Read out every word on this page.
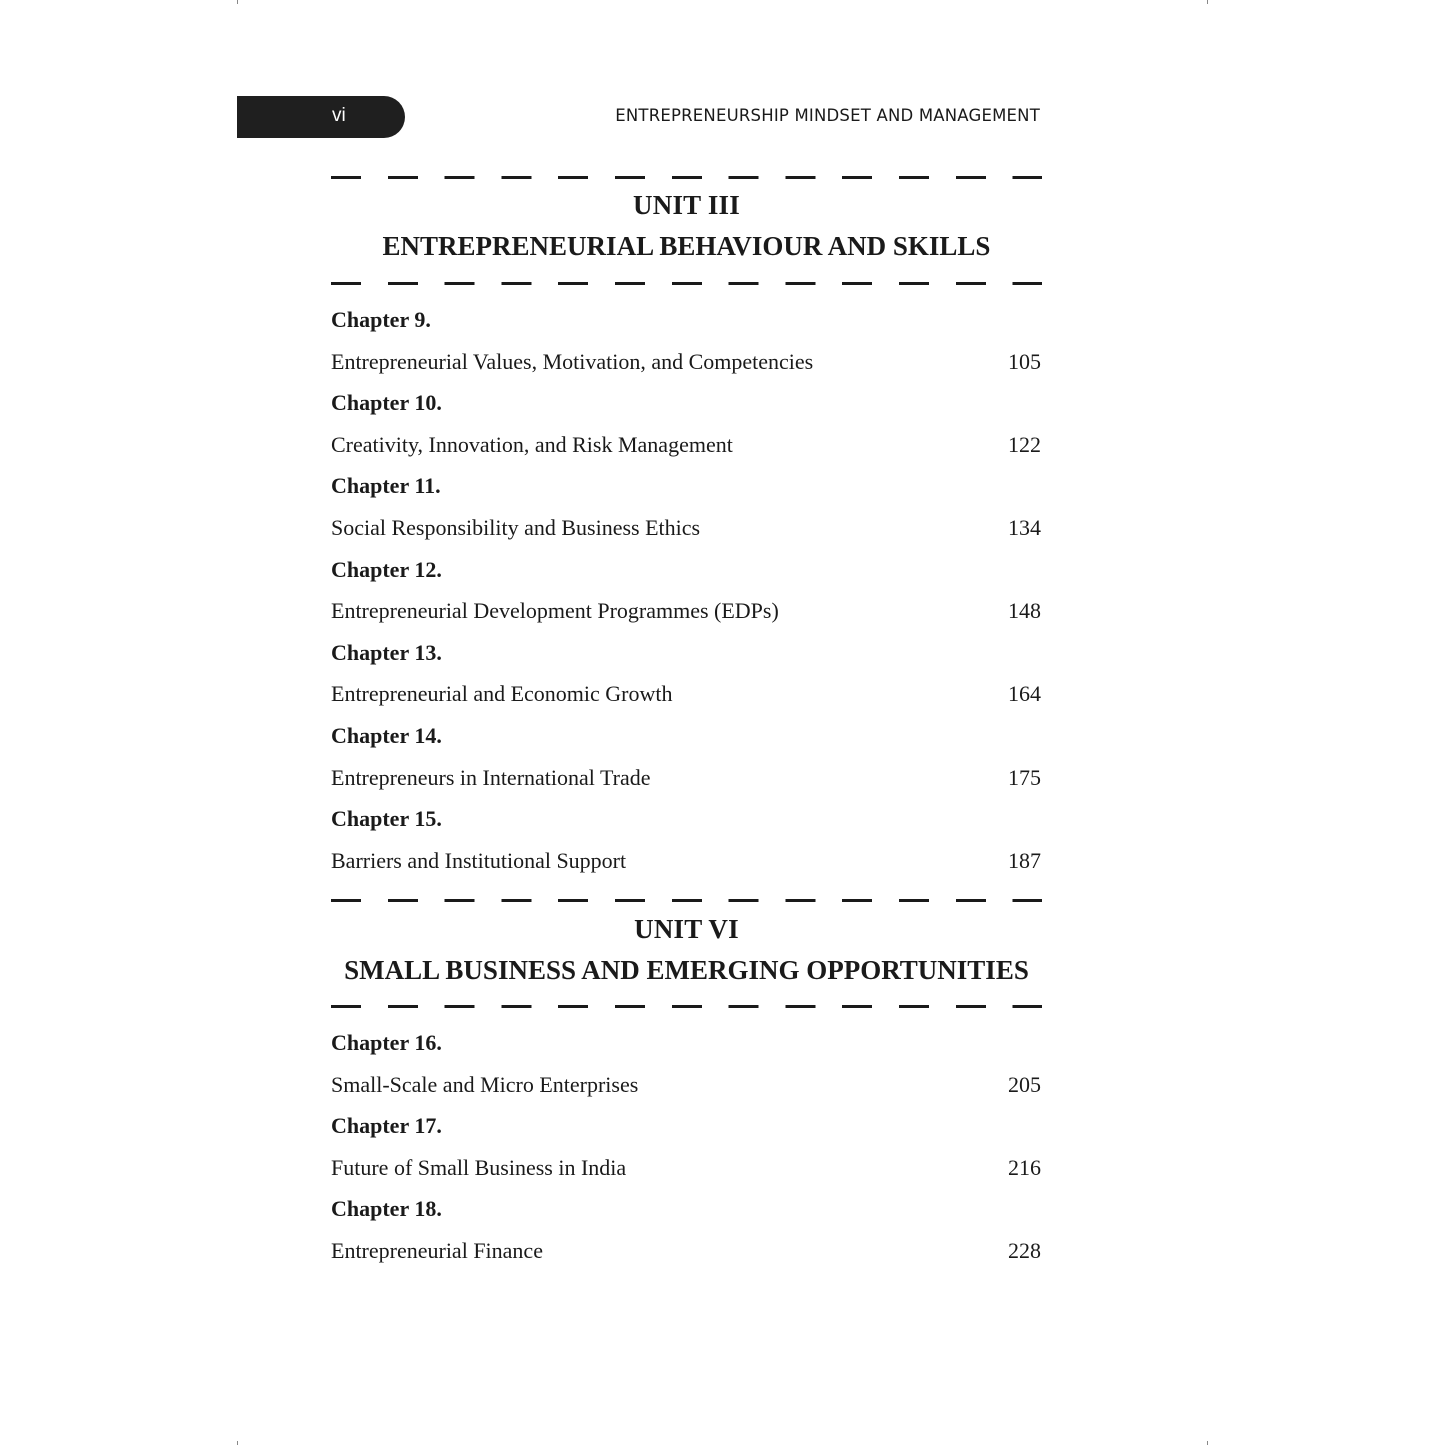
vi	ENTREPRENEURSHIP MINDSET AND MANAGEMENT
UNIT III
ENTREPRENEURIAL BEHAVIOUR AND SKILLS
Chapter 9.
Entrepreneurial Values, Motivation, and Competencies	105
Chapter 10.
Creativity, Innovation, and Risk Management	122
Chapter 11.
Social Responsibility and Business Ethics	134
Chapter 12.
Entrepreneurial Development Programmes (EDPs)	148
Chapter 13.
Entrepreneurial and Economic Growth	164
Chapter 14.
Entrepreneurs in International Trade	175
Chapter 15.
Barriers and Institutional Support	187
UNIT VI
SMALL BUSINESS AND EMERGING OPPORTUNITIES
Chapter 16.
Small-Scale and Micro Enterprises	205
Chapter 17.
Future of Small Business in India	216
Chapter 18.
Entrepreneurial Finance	228
